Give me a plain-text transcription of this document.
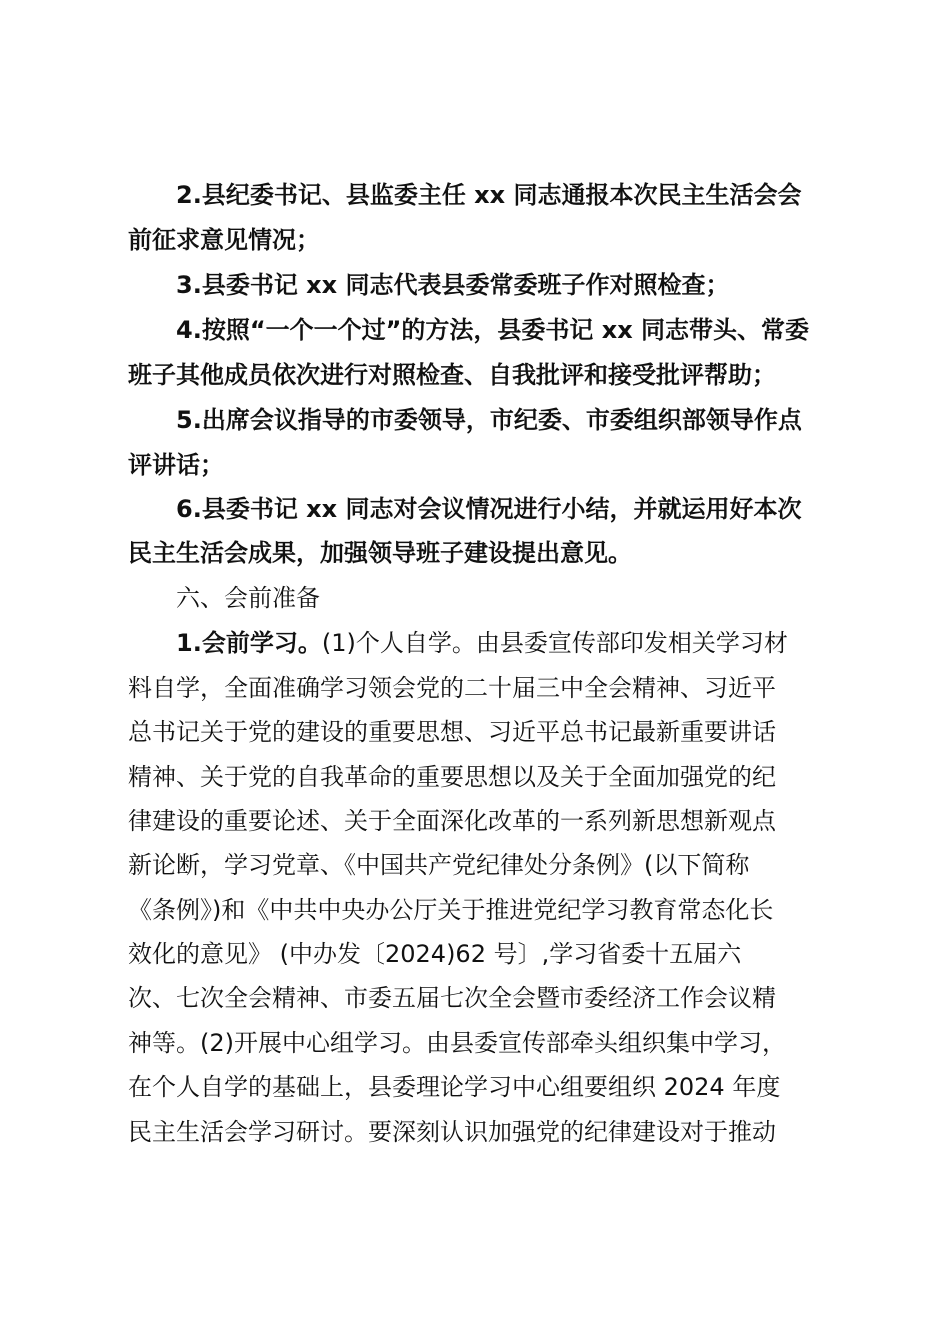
2.县纪委书记、县监委主任 xx 同志通报本次民主生活会会
前征求意见情况；
3.县委书记 xx 同志代表县委常委班子作对照检查；
4.按照“一个一个过”的方法，县委书记 xx 同志带头、常委
班子其他成员依次进行对照检查、自我批评和接受批评帮助；
5.出席会议指导的市委领导，市纪委、市委组织部领导作点
评讲话；
6.县委书记 xx 同志对会议情况进行小结，并就运用好本次
民主生活会成果，加强领导班子建设提出意见。
六、会前准备
1.会前学习。(1)个人自学。由县委宣传部印发相关学习材
料自学，全面准确学习领会党的二十届三中全会精神、习近平
总书记关于党的建设的重要思想、习近平总书记最新重要讲话
精神、关于党的自我革命的重要思想以及关于全面加强党的纪
律建设的重要论述、关于全面深化改革的一系列新思想新观点
新论断，学习党章、《中国共产党纪律处分条例》(以下简称
《条例》)和《中共中央办公厅关于推进党纪学习教育常态化长
效化的意见》 (中办发〔2024)62 号〕,学习省委十五届六
次、七次全会精神、市委五届七次全会暨市委经济工作会议精
神等。(2)开展中心组学习。由县委宣传部牵头组织集中学习，
在个人自学的基础上，县委理论学习中心组要组织 2024 年度
民主生活会学习研讨。要深刻认识加强党的纪律建设对于推动
